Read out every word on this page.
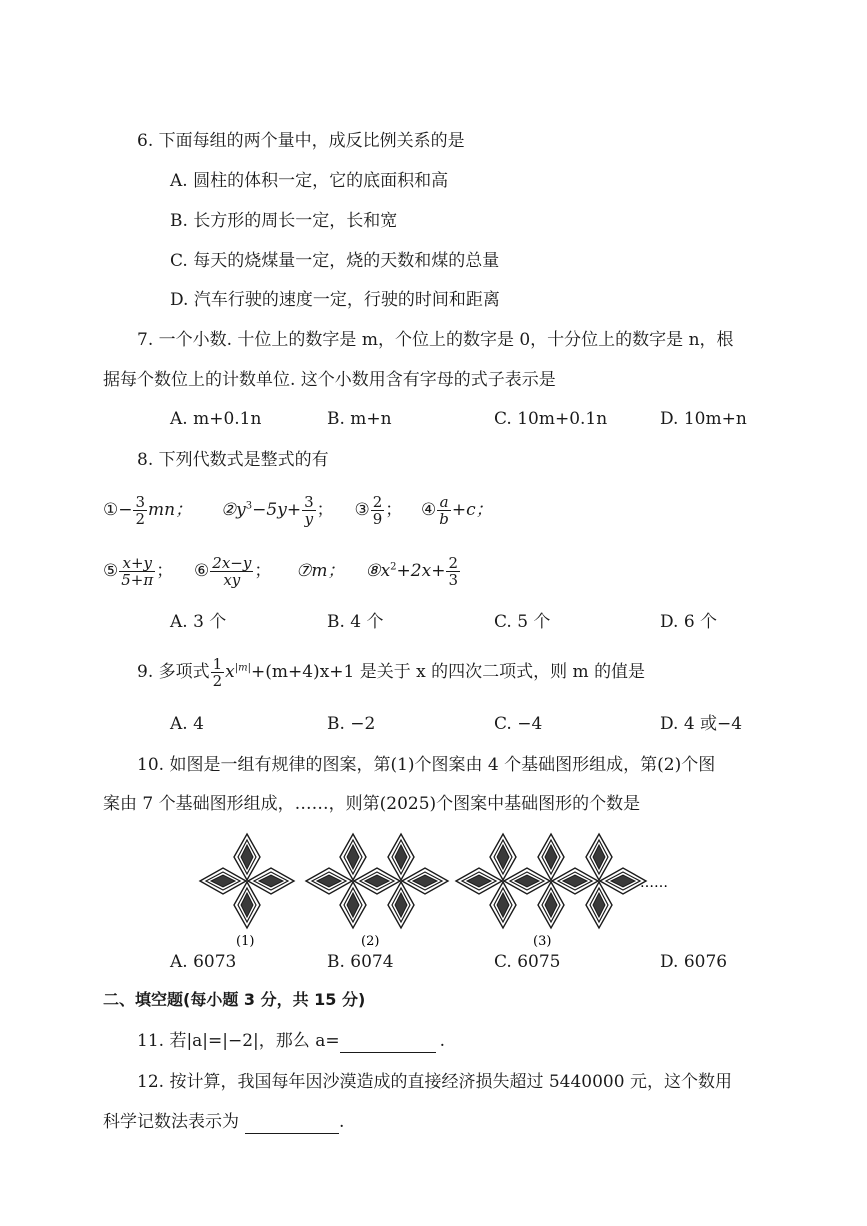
6. 下面每组的两个量中，成反比例关系的是
A. 圆柱的体积一定，它的底面积和高
B. 长方形的周长一定，长和宽
C. 每天的烧煤量一定，烧的天数和煤的总量
D. 汽车行驶的速度一定，行驶的时间和距离
7. 一个小数. 十位上的数字是 m，个位上的数字是 0，十分位上的数字是 n，根
据每个数位上的计数单位. 这个小数用含有字母的式子表示是
A. m+0.1n	B. m+n	C. 10m+0.1n	D. 10m+n
8. 下列代数式是整式的有
①− $\frac{3}{2}$ mn； $②y^3-5y+ \frac{3}{y}$ ； ③ $\frac{2}{9}$ ； ④ $\frac{a}{b} +c$；
⑤ $\frac{x+y}{5+\pi}$ ； ⑥ $\frac{2x-y}{xy}$ ； ⑦m； $⑧x^2+2x+ \frac{2}{3}$
A. 3 个	B. 4 个	C. 5 个	D. 6 个
9. 多项式 $\frac{1}{2} x^{|m|}+(m+4)x+1$ 是关于 x 的四次二项式，则 m 的值是
A. 4	B. −2	C. −4	D. 4 或−4
10. 如图是一组有规律的图案，第(1)个图案由 4 个基础图形组成，第(2)个图
案由 7 个基础图形组成，……，则第(2025)个图案中基础图形的个数是
……
(1)	(2)	(3)
A. 6073	B. 6074	C. 6075	D. 6076
二、填空题(每小题 3 分，共 15 分)
11. 若|a|=|−2|，那么 a=	.
12. 按计算，我国每年因沙漠造成的直接经济损失超过 5440000 元，这个数用
科学记数法表示为	.
